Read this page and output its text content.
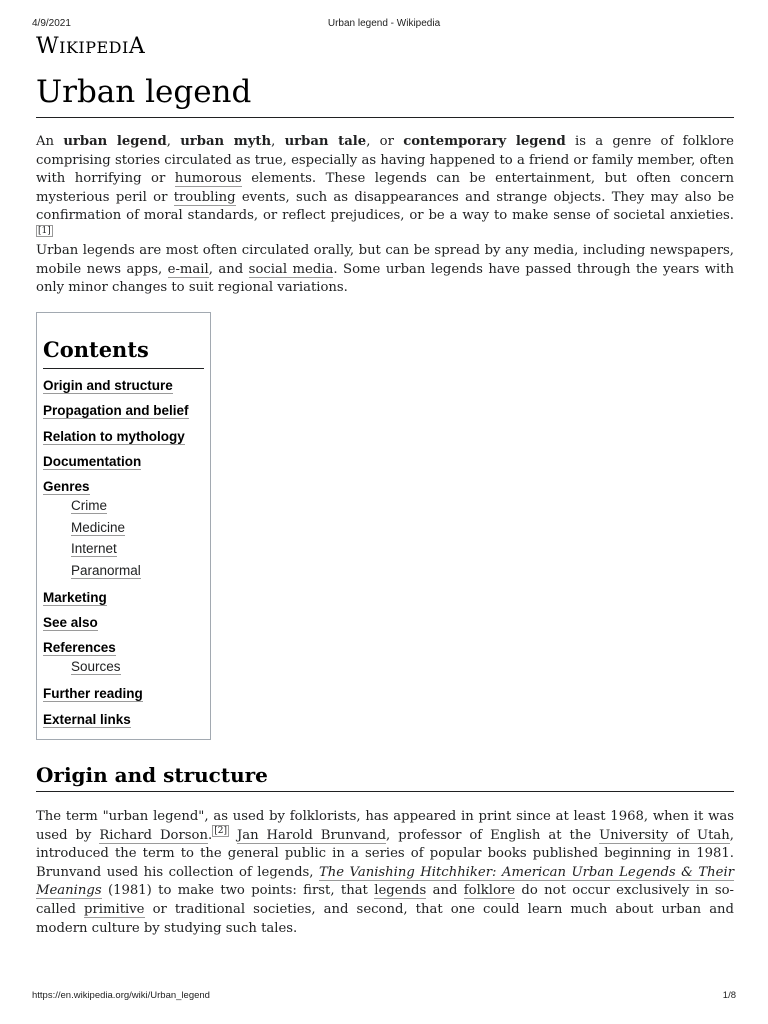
4/9/2021	Urban legend - Wikipedia
WIKIPEDIA
Urban legend

An urban legend, urban myth, urban tale, or contemporary legend is a genre of folklore comprising stories circulated as true, especially as having happened to a friend or family member, often with horrifying or humorous elements. These legends can be entertainment, but often concern mysterious peril or troubling events, such as disappearances and strange objects. They may also be confirmation of moral standards, or reflect prejudices, or be a way to make sense of societal anxieties.[1]

Urban legends are most often circulated orally, but can be spread by any media, including newspapers, mobile news apps, e-mail, and social media. Some urban legends have passed through the years with only minor changes to suit regional variations.

Contents
Origin and structure
Propagation and belief
Relation to mythology
Documentation
Genres
Crime
Medicine
Internet
Paranormal
Marketing
See also
References
Sources
Further reading
External links
Origin and structure

The term "urban legend", as used by folklorists, has appeared in print since at least 1968, when it was used by Richard Dorson. [2] Jan Harold Brunvand, professor of English at the University of Utah, introduced the term to the general public in a series of popular books published beginning in 1981. Brunvand used his collection of legends, The Vanishing Hitchhiker: American Urban Legends & Their Meanings (1981) to make two points: first, that legends and folklore do not occur exclusively in so-called primitive or traditional societies, and second, that one could learn much about urban and modern culture by studying such tales.

https://en.wikipedia.org/wiki/Urban_legend	1/8
